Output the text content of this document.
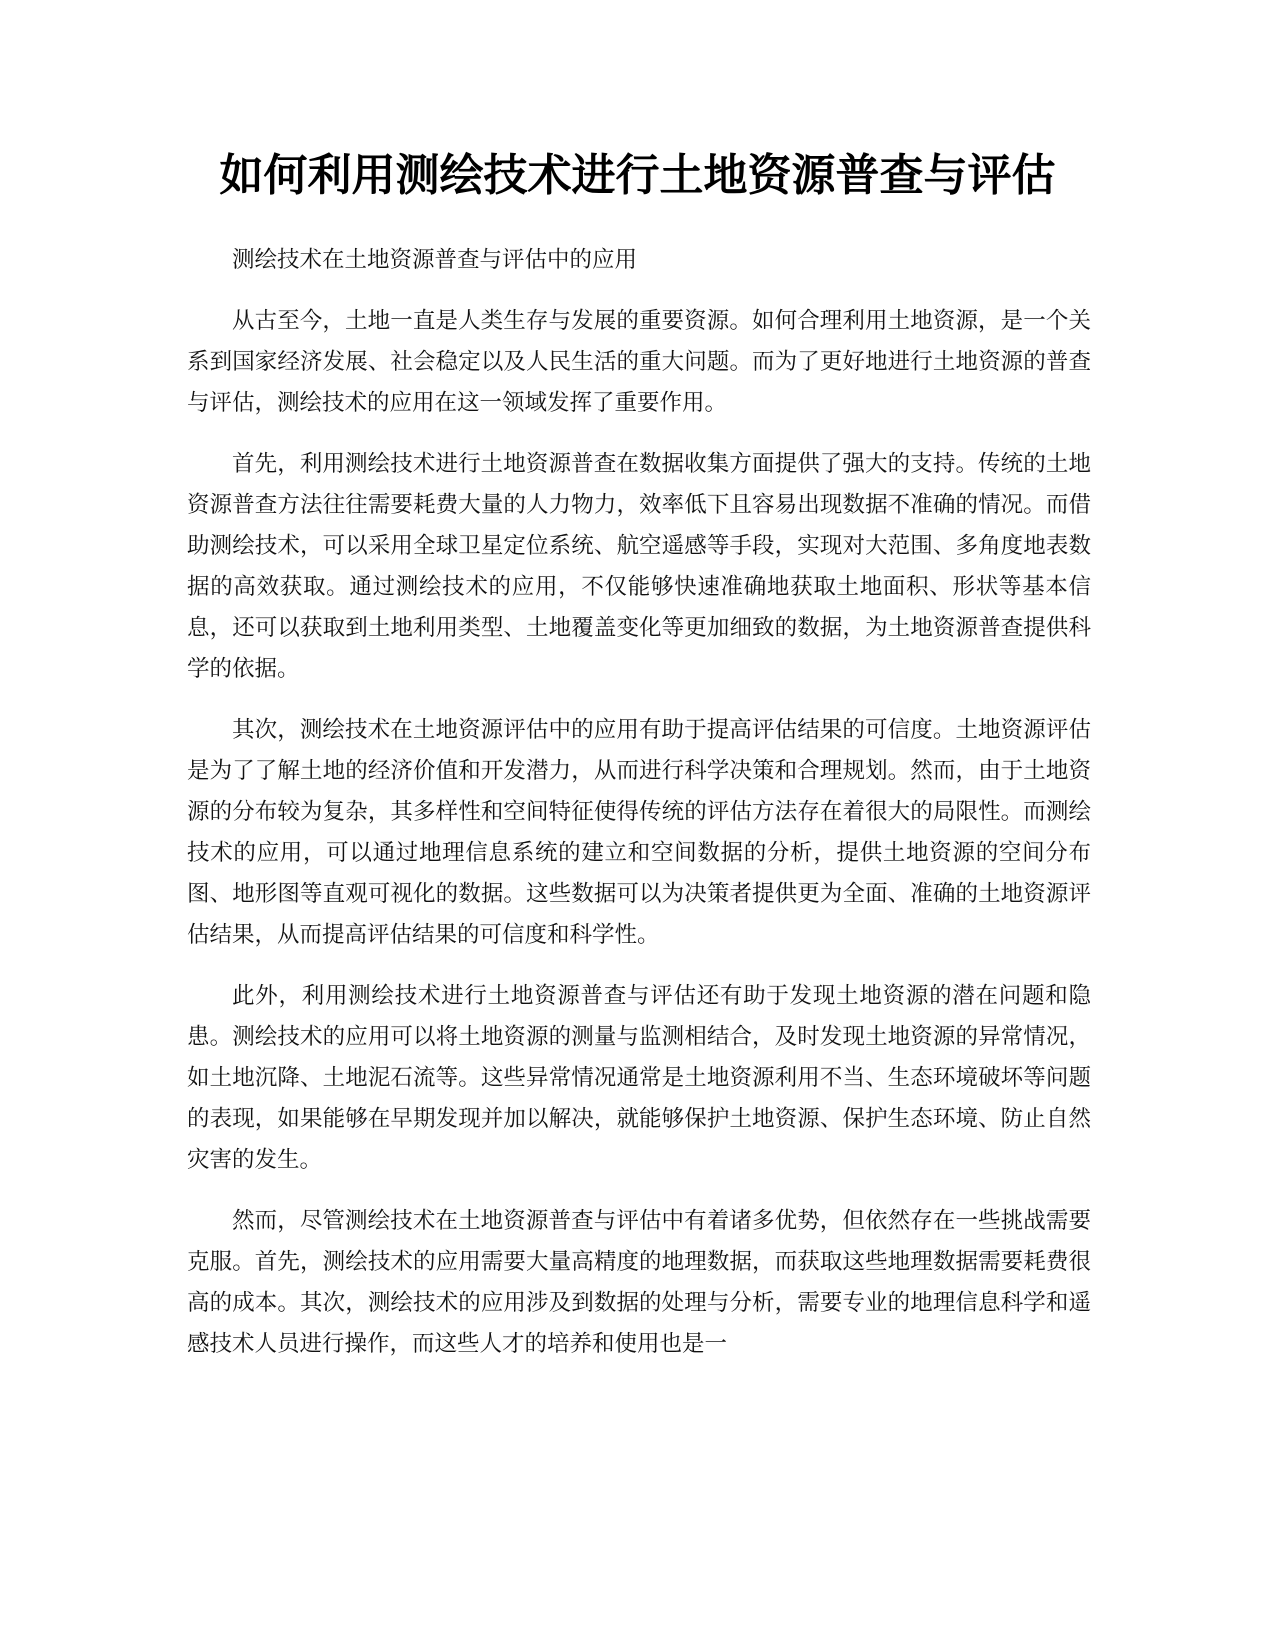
如何利用测绘技术进行土地资源普查与评估

测绘技术在土地资源普查与评估中的应用

从古至今，土地一直是人类生存与发展的重要资源。如何合理利用土地资源，是一个关系到国家经济发展、社会稳定以及人民生活的重大问题。而为了更好地进行土地资源的普查与评估，测绘技术的应用在这一领域发挥了重要作用。

首先，利用测绘技术进行土地资源普查在数据收集方面提供了强大的支持。传统的土地资源普查方法往往需要耗费大量的人力物力，效率低下且容易出现数据不准确的情况。而借助测绘技术，可以采用全球卫星定位系统、航空遥感等手段，实现对大范围、多角度地表数据的高效获取。通过测绘技术的应用，不仅能够快速准确地获取土地面积、形状等基本信息，还可以获取到土地利用类型、土地覆盖变化等更加细致的数据，为土地资源普查提供科学的依据。

其次，测绘技术在土地资源评估中的应用有助于提高评估结果的可信度。土地资源评估是为了了解土地的经济价值和开发潜力，从而进行科学决策和合理规划。然而，由于土地资源的分布较为复杂，其多样性和空间特征使得传统的评估方法存在着很大的局限性。而测绘技术的应用，可以通过地理信息系统的建立和空间数据的分析，提供土地资源的空间分布图、地形图等直观可视化的数据。这些数据可以为决策者提供更为全面、准确的土地资源评估结果，从而提高评估结果的可信度和科学性。

此外，利用测绘技术进行土地资源普查与评估还有助于发现土地资源的潜在问题和隐患。测绘技术的应用可以将土地资源的测量与监测相结合，及时发现土地资源的异常情况，如土地沉降、土地泥石流等。这些异常情况通常是土地资源利用不当、生态环境破坏等问题的表现，如果能够在早期发现并加以解决，就能够保护土地资源、保护生态环境、防止自然灾害的发生。

然而，尽管测绘技术在土地资源普查与评估中有着诸多优势，但依然存在一些挑战需要克服。首先，测绘技术的应用需要大量高精度的地理数据，而获取这些地理数据需要耗费很高的成本。其次，测绘技术的应用涉及到数据的处理与分析，需要专业的地理信息科学和遥感技术人员进行操作，而这些人才的培养和使用也是一
